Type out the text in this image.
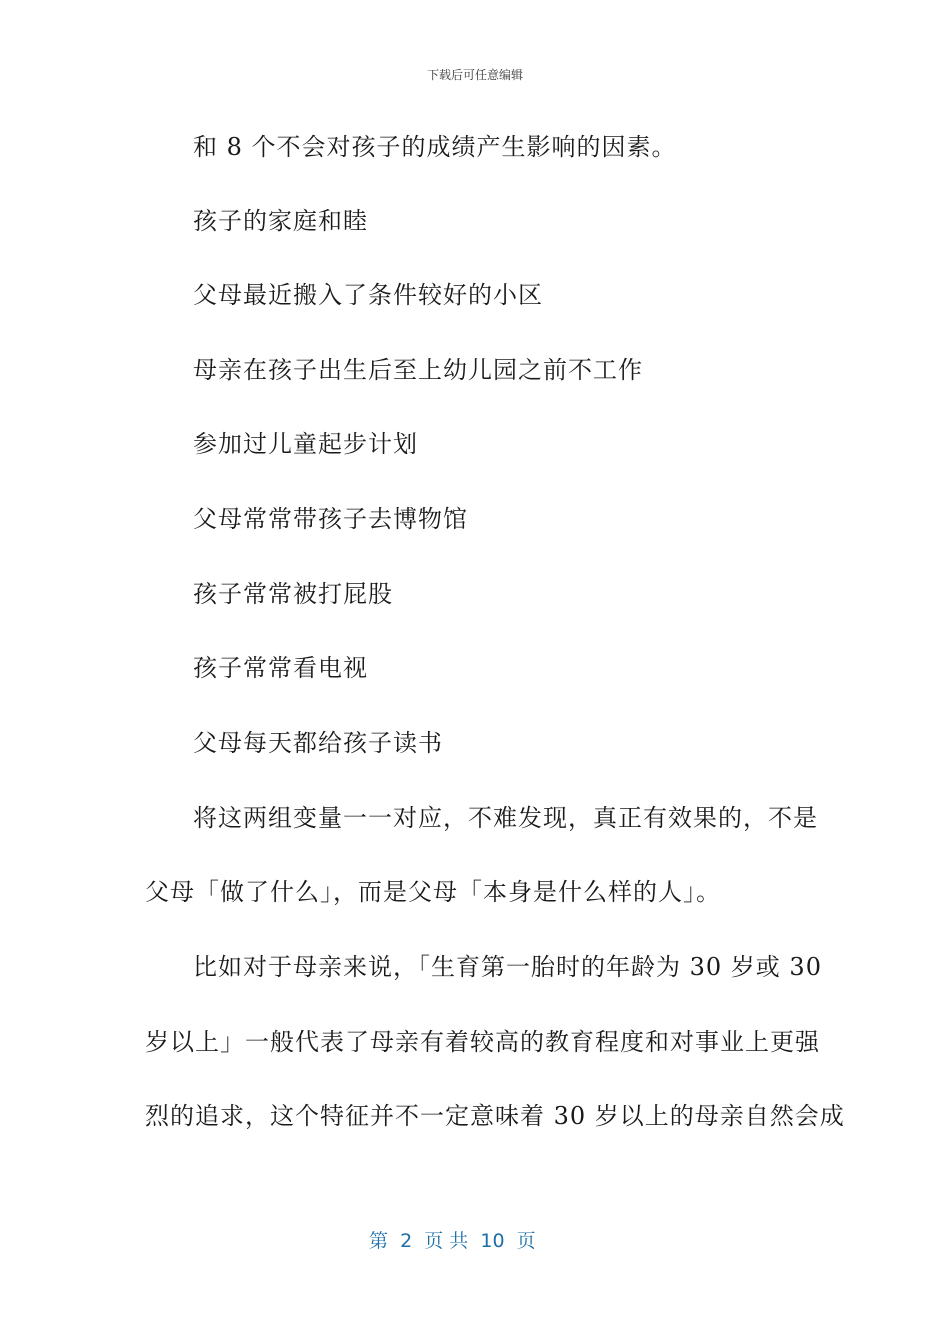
下载后可任意编辑
和 8 个不会对孩子的成绩产生影响的因素。
孩子的家庭和睦
父母最近搬入了条件较好的小区
母亲在孩子出生后至上幼儿园之前不工作
参加过儿童起步计划
父母常常带孩子去博物馆
孩子常常被打屁股
孩子常常看电视
父母每天都给孩子读书
将这两组变量一一对应，不难发现，真正有效果的，不是
父母「做了什么」，而是父母「本身是什么样的人」。
比如对于母亲来说，「生育第一胎时的年龄为 30 岁或 30
岁以上」一般代表了母亲有着较高的教育程度和对事业上更强
烈的追求，这个特征并不一定意味着 30 岁以上的母亲自然会成
第  2  页 共  10  页
